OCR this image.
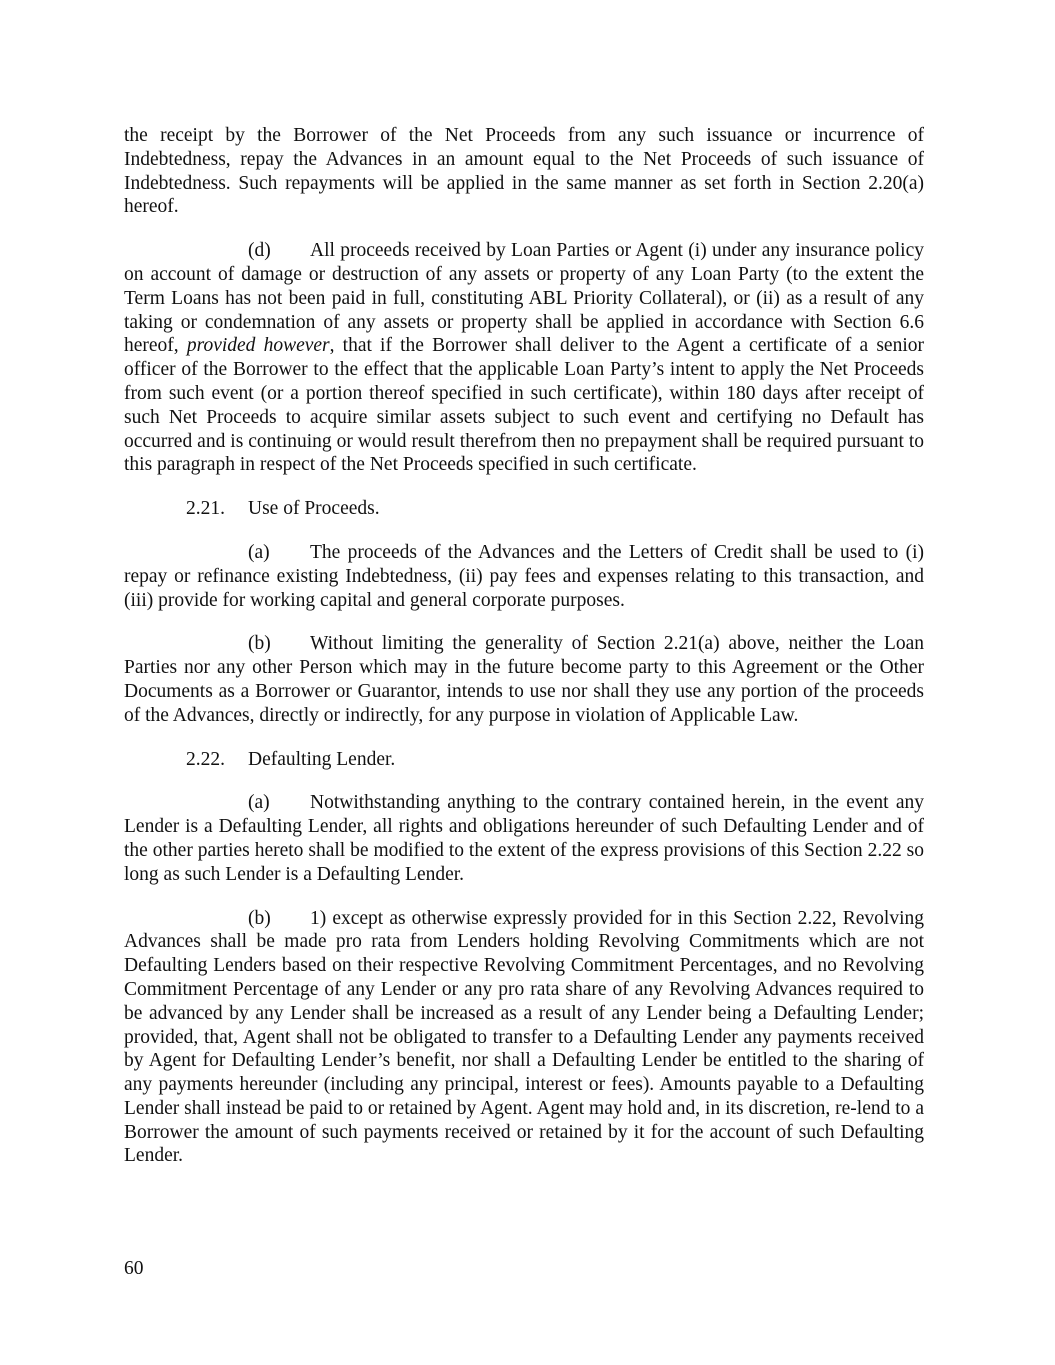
the receipt by the Borrower of the Net Proceeds from any such issuance or incurrence of Indebtedness, repay the Advances in an amount equal to the Net Proceeds of such issuance of Indebtedness. Such repayments will be applied in the same manner as set forth in Section 2.20(a) hereof.

(d) All proceeds received by Loan Parties or Agent (i) under any insurance policy on account of damage or destruction of any assets or property of any Loan Party (to the extent the Term Loans has not been paid in full, constituting ABL Priority Collateral), or (ii) as a result of any taking or condemnation of any assets or property shall be applied in accordance with Section 6.6 hereof, provided however, that if the Borrower shall deliver to the Agent a certificate of a senior officer of the Borrower to the effect that the applicable Loan Party’s intent to apply the Net Proceeds from such event (or a portion thereof specified in such certificate), within 180 days after receipt of such Net Proceeds to acquire similar assets subject to such event and certifying no Default has occurred and is continuing or would result therefrom then no prepayment shall be required pursuant to this paragraph in respect of the Net Proceeds specified in such certificate.

2.21. Use of Proceeds.

(a) The proceeds of the Advances and the Letters of Credit shall be used to (i) repay or refinance existing Indebtedness, (ii) pay fees and expenses relating to this transaction, and (iii) provide for working capital and general corporate purposes.

(b) Without limiting the generality of Section 2.21(a) above, neither the Loan Parties nor any other Person which may in the future become party to this Agreement or the Other Documents as a Borrower or Guarantor, intends to use nor shall they use any portion of the proceeds of the Advances, directly or indirectly, for any purpose in violation of Applicable Law.

2.22. Defaulting Lender.

(a) Notwithstanding anything to the contrary contained herein, in the event any Lender is a Defaulting Lender, all rights and obligations hereunder of such Defaulting Lender and of the other parties hereto shall be modified to the extent of the express provisions of this Section 2.22 so long as such Lender is a Defaulting Lender.

(b) 1) except as otherwise expressly provided for in this Section 2.22, Revolving Advances shall be made pro rata from Lenders holding Revolving Commitments which are not Defaulting Lenders based on their respective Revolving Commitment Percentages, and no Revolving Commitment Percentage of any Lender or any pro rata share of any Revolving Advances required to be advanced by any Lender shall be increased as a result of any Lender being a Defaulting Lender; provided, that, Agent shall not be obligated to transfer to a Defaulting Lender any payments received by Agent for Defaulting Lender’s benefit, nor shall a Defaulting Lender be entitled to the sharing of any payments hereunder (including any principal, interest or fees). Amounts payable to a Defaulting Lender shall instead be paid to or retained by Agent. Agent may hold and, in its discretion, re-lend to a Borrower the amount of such payments received or retained by it for the account of such Defaulting Lender.

60
